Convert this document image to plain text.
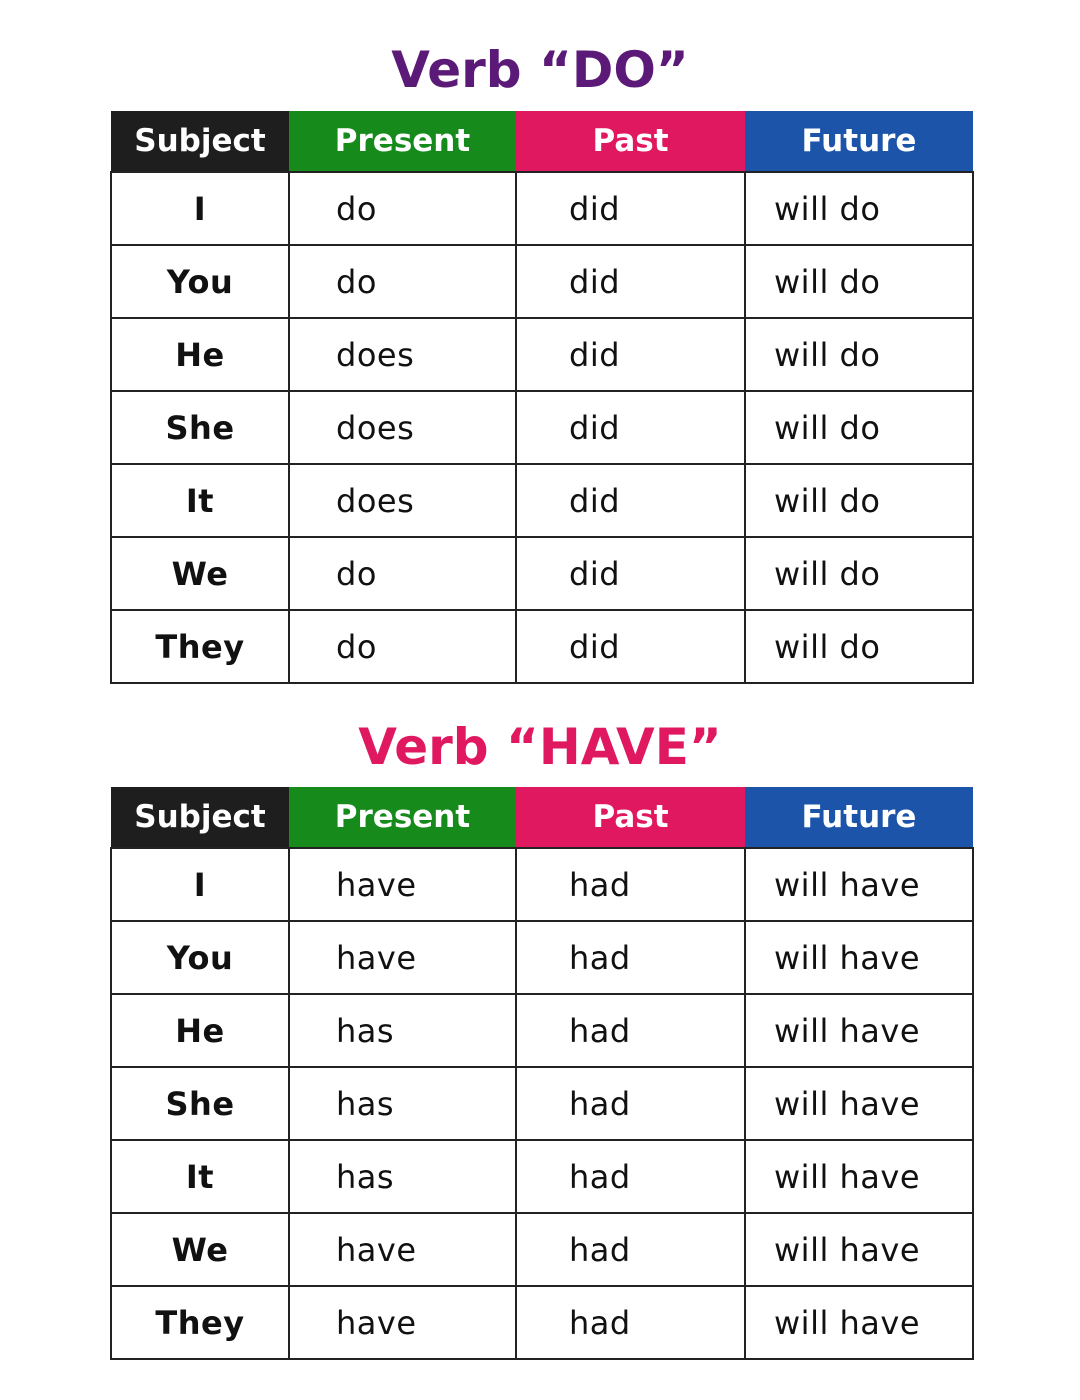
Verb “DO”
Subject	Present	Past	Future
I	do	did	will do
You	do	did	will do
He	does	did	will do
She	does	did	will do
It	does	did	will do
We	do	did	will do
They	do	did	will do
Verb “HAVE”
Subject	Present	Past	Future
I	have	had	will have
You	have	had	will have
He	has	had	will have
She	has	had	will have
It	has	had	will have
We	have	had	will have
They	have	had	will have
